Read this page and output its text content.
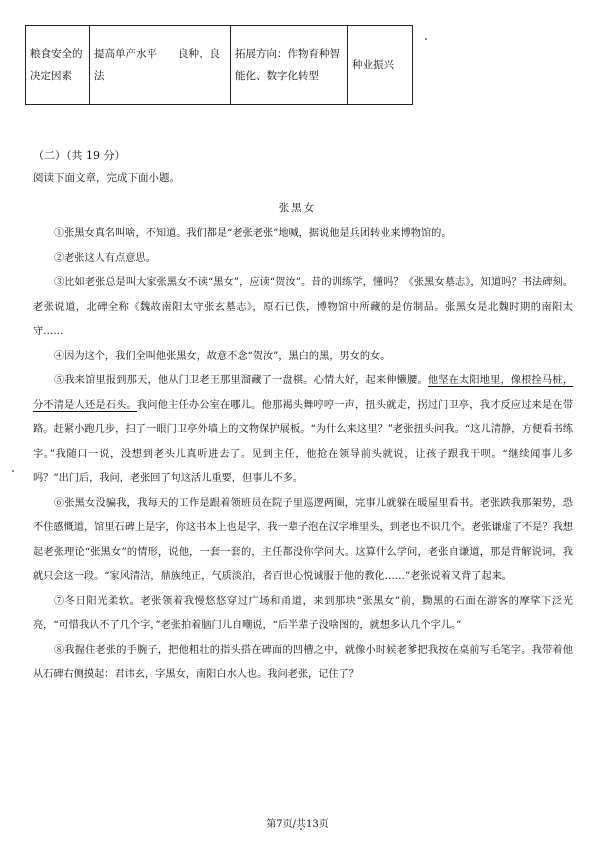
粮食安全的决定因素	提高单产水平　　良种、良法	拓展方向：作物育种智能化、数字化转型	种业振兴
（二）（共 19 分）
阅读下面文章，完成下面小题。
张黑女

①张黑女真名叫啥，不知道。我们都是“老张老张”地喊，据说他是兵团转业来博物馆的。

②老张这人有点意思。

③比如老张总是叫大家张黑女不读“黑女”，应读“贺汝”。昔的训练学，懂吗？《张黑女墓志》，知道吗？书法碑刻。老张说道，北碑全称《魏故南阳太守张玄墓志》，原石已佚，博物馆中所藏的是仿制品。张黑女是北魏时期的南阳太守……

④因为这个，我们全叫他张黑女，故意不念“贺汝”，黑白的黑，男女的女。

⑤我来馆里报到那天，他从门卫老王那里溜藏了一盘棋。心情大好，起来伸懒腰。他坚在太阳地里，像根拴马桩，分不清是人还是石头。我问他主任办公室在哪儿。他那褐头舞哼哼一声，扭头就走，拐过门卫亭，我才反应过来是在带路。赶紧小跑几步，扫了一眼门卫亭外墙上的文物保护展板。“为什么来这里？”老张扭头问我。“这儿清静，方便看书练字。”我随口一说，没想到老头儿真听进去了。见到主任，他抢在领导前头就说，让孩子跟我干呗。“继续闻事儿多吗？”出门后，我问，老张回了句这活儿重要，但事儿不多。

⑥张黑女没骗我，我每天的工作是跟着领班员在院子里巡逻两圈，完事儿就躲在暖屋里看书。老张跌我那架势，恐不住感慨道，馆里石碑上是字，你这书本上也是字，我一辈子泡在汉字堆里头，到老也不识几个。老张谦虚了不是？我想起老张理论“张黑女”的情形，说他，一套一套的，主任都没你学问大。这算什么学问，老张自谦道，那是背解说词，我就只会这一段。“家风清洁，鼎族纯正，气质淡泊，者百世心悦诚服于他的教化……”老张说着又背了起来。

⑦冬日阳光柔软。老张领着我慢悠悠穿过广场和甬道，来到那块“张黑女”前，黝黑的石面在游客的摩挲下泛光亮，“可惜我认不了几个字，”老张拍着脑门儿自嘲说，“后半辈子没啥图的，就想多认几个字儿。”

⑧我握住老张的手腕子，把他粗壮的指头搭在碑面的凹槽之中，就像小时候老爹把我按在桌前写毛笔字。我带着他从石碑右侧摸起：君讳玄，字黑女，南阳白水人也。我问老张，记住了？

第7页/共13页
